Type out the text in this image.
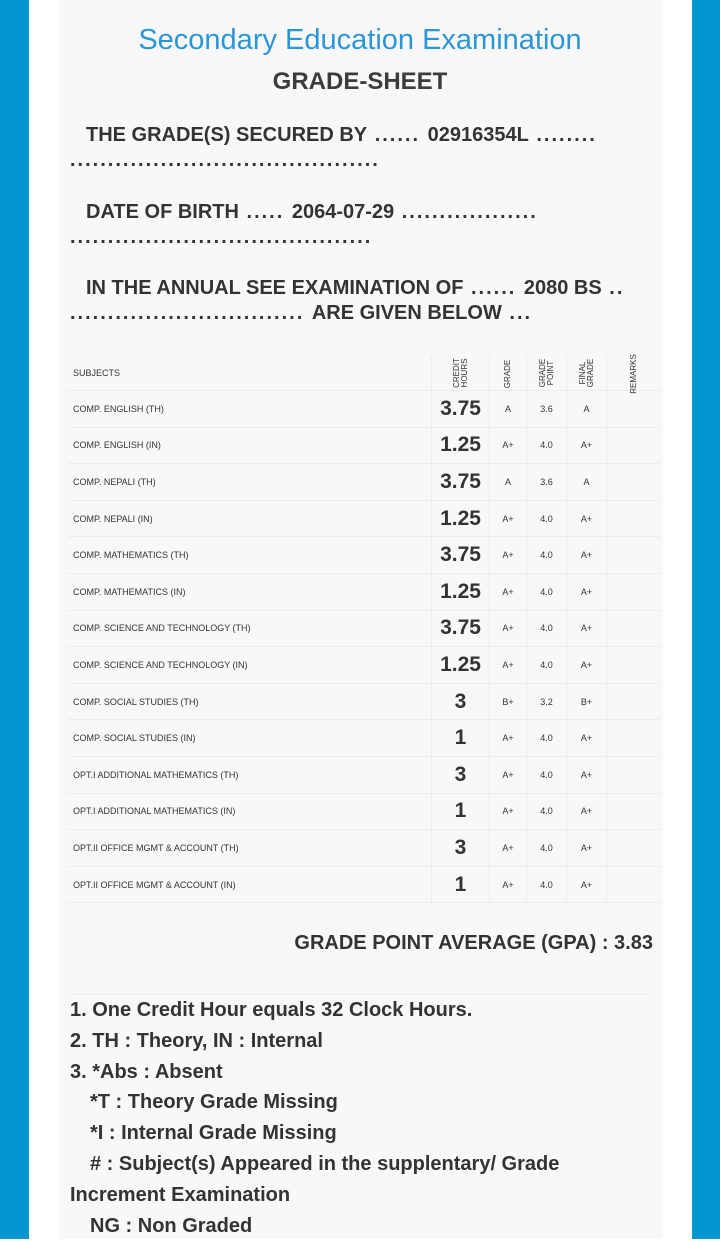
Secondary Education Examination
GRADE-SHEET
THE GRADE(S) SECURED BY ...... 02916354L ........
.........................................
DATE OF BIRTH ..... 2064-07-29 ..................
........................................
IN THE ANNUAL SEE EXAMINATION OF ...... 2080 BS ..
............................... ARE GIVEN BELOW ...
SUBJECTS	CREDIT HOURS	GRADE	GRADE POINT	FINAL GRADE	REMARKS
COMP. ENGLISH (TH)	3.75	A	3.6	A	
COMP. ENGLISH (IN)	1.25	A+	4.0	A+	
COMP. NEPALI (TH)	3.75	A	3.6	A	
COMP. NEPALI (IN)	1.25	A+	4.0	A+	
COMP. MATHEMATICS (TH)	3.75	A+	4.0	A+	
COMP. MATHEMATICS (IN)	1.25	A+	4.0	A+	
COMP. SCIENCE AND TECHNOLOGY (TH)	3.75	A+	4.0	A+	
COMP. SCIENCE AND TECHNOLOGY (IN)	1.25	A+	4.0	A+	
COMP. SOCIAL STUDIES (TH)	3	B+	3.2	B+	
COMP. SOCIAL STUDIES (IN)	1	A+	4.0	A+	
OPT.I ADDITIONAL MATHEMATICS (TH)	3	A+	4.0	A+	
OPT.I ADDITIONAL MATHEMATICS (IN)	1	A+	4.0	A+	
OPT.II OFFICE MGMT & ACCOUNT (TH)	3	A+	4.0	A+	
OPT.II OFFICE MGMT & ACCOUNT (IN)	1	A+	4.0	A+	
GRADE POINT AVERAGE (GPA) : 3.83
1. One Credit Hour equals 32 Clock Hours.
2. TH : Theory, IN : Internal
3. *Abs : Absent
*T : Theory Grade Missing
*I : Internal Grade Missing
# : Subject(s) Appeared in the supplentary/ Grade
Increment Examination
NG : Non Graded
